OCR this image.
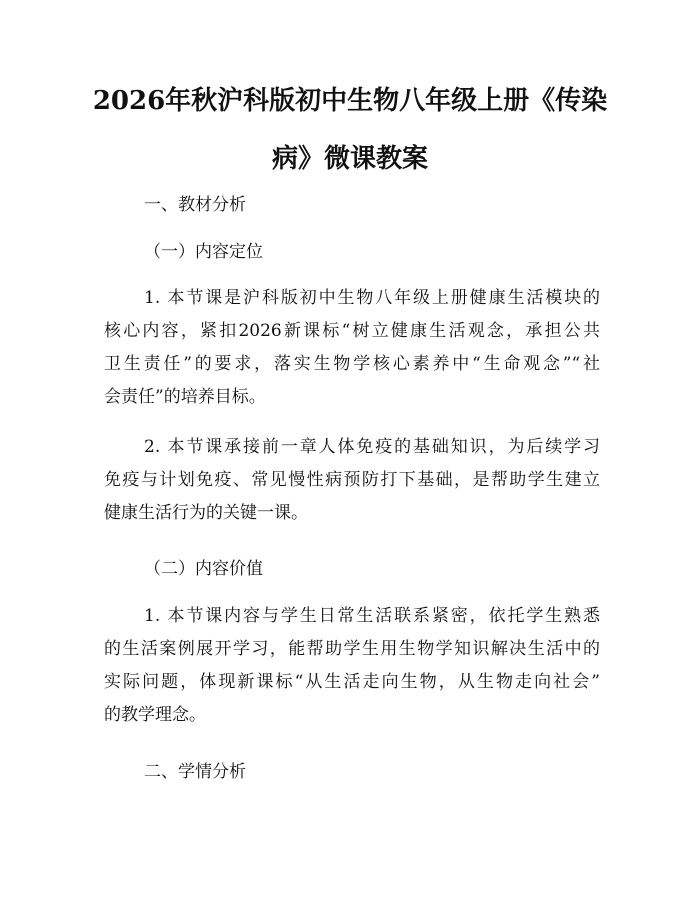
2026年秋沪科版初中生物八年级上册《传染
病》微课教案
一、教材分析
（一）内容定位
1. 本节课是沪科版初中生物八年级上册健康生活模块的
核心内容，紧扣2026新课标“树立健康生活观念，承担公共
卫生责任”的要求，落实生物学核心素养中“生命观念”“社
会责任”的培养目标。
2. 本节课承接前一章人体免疫的基础知识，为后续学习
免疫与计划免疫、常见慢性病预防打下基础，是帮助学生建立
健康生活行为的关键一课。
（二）内容价值
1. 本节课内容与学生日常生活联系紧密，依托学生熟悉
的生活案例展开学习，能帮助学生用生物学知识解决生活中的
实际问题，体现新课标“从生活走向生物，从生物走向社会”
的教学理念。
二、学情分析
